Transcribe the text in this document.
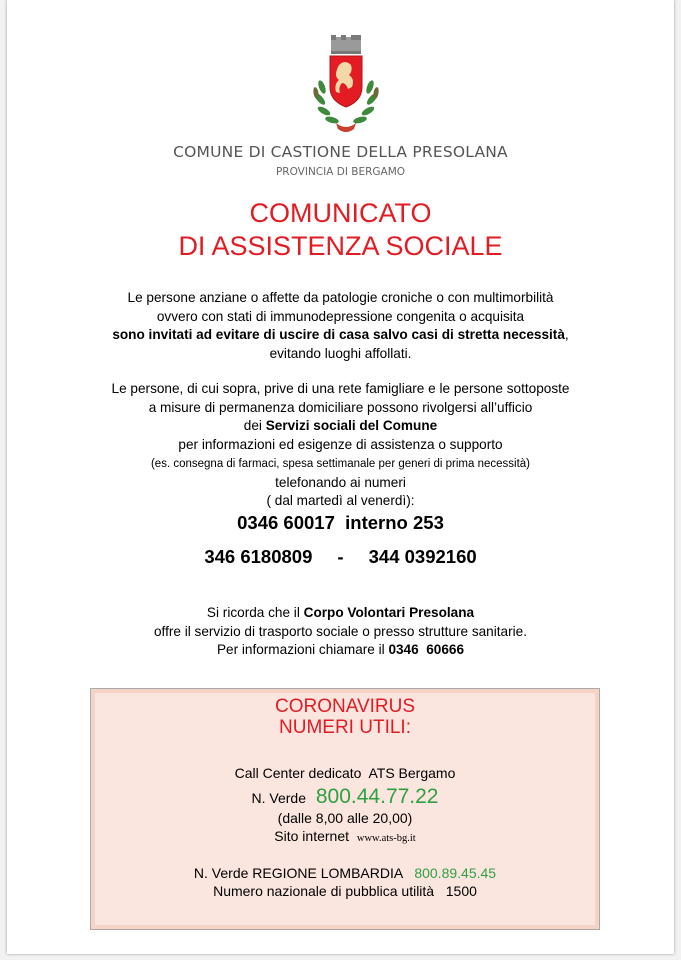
COMUNE DI CASTIONE DELLA PRESOLANA
PROVINCIA DI BERGAMO
COMUNICATO
DI ASSISTENZA SOCIALE
Le persone anziane o affette da patologie croniche o con multimorbilità
ovvero con stati di immunodepressione congenita o acquisita
sono invitati ad evitare di uscire di casa salvo casi di stretta necessità,
evitando luoghi affollati.
Le persone, di cui sopra, prive di una rete famigliare e le persone sottoposte
a misure di permanenza domiciliare possono rivolgersi all’ufficio
dei Servizi sociali del Comune
per informazioni ed esigenze di assistenza o supporto
(es. consegna di farmaci, spesa settimanale per generi di prima necessità)
telefonando ai numeri
( dal martedì al venerdì):
0346 60017  interno 253
346 6180809 - 344 0392160
Si ricorda che il Corpo Volontari Presolana
offre il servizio di trasporto sociale o presso strutture sanitarie.
Per informazioni chiamare il 0346  60666
CORONAVIRUS
NUMERI UTILI:
Call Center dedicato  ATS Bergamo
N. Verde 800.44.77.22
(dalle 8,00 alle 20,00)
Sito internet www.ats-bg.it
N. Verde REGIONE LOMBARDIA 800.89.45.45
Numero nazionale di pubblica utilità   1500
